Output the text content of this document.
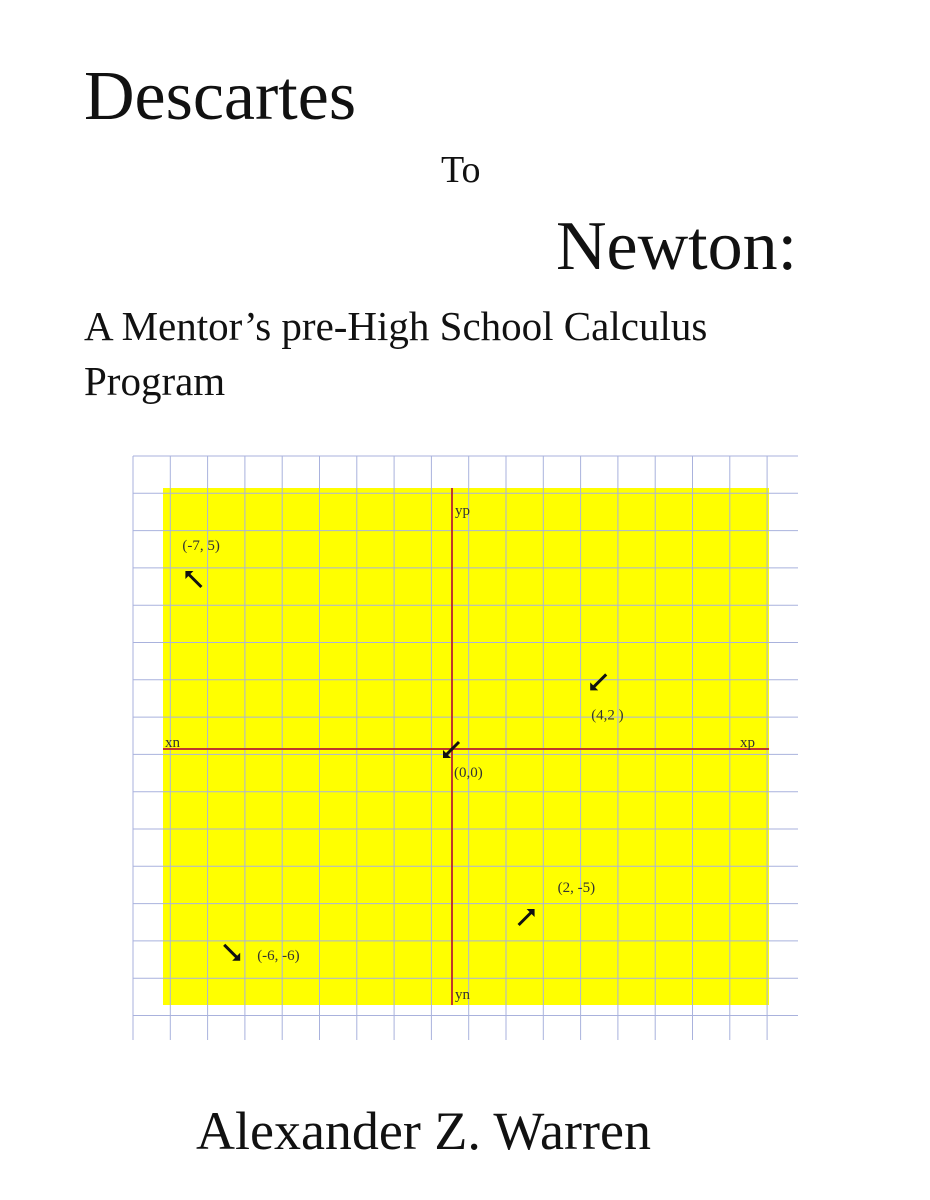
Descartes
To
Newton:
A Mentor’s pre-High School Calculus
Program
xn	xp
yp
yn
(-7, 5)
(4,2 )
(0,0)
(-6, -6)
(2, -5)
Alexander Z. Warren
